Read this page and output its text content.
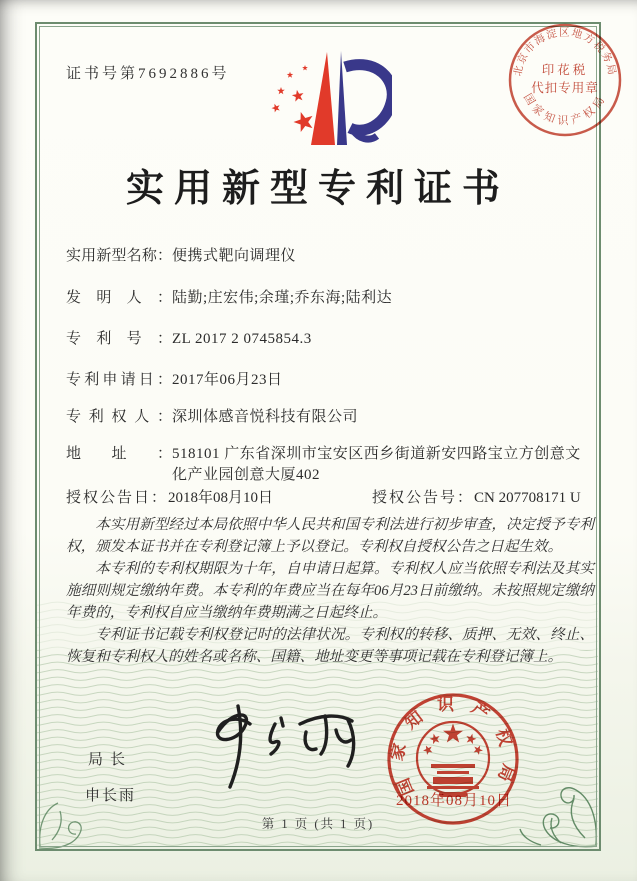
证书号第7692886号	北京市海淀区地方税务局
国家知识产权局
印花税
代扣专用章
实用新型专利证书
实用新型名称： 便携式靶向调理仪
发明人： 陆勤;庄宏伟;余瑾;乔东海;陆利达
专利号： ZL 2017 2 0745854.3
专利申请日： 2017年06月23日
专利权人： 深圳体感音悦科技有限公司
地址： 518101 广东省深圳市宝安区西乡街道新安四路宝立方创意文化产业园创意大厦402
授权公告日：2018年08月10日	授权公告号：CN 207708171 U

本实用新型经过本局依照中华人民共和国专利法进行初步审查，决定授予专利权，颁发本证书并在专利登记簿上予以登记。专利权自授权公告之日起生效。

本专利的专利权期限为十年，自申请日起算。专利权人应当依照专利法及其实施细则规定缴纳年费。本专利的年费应当在每年06月23日前缴纳。未按照规定缴纳年费的，专利权自应当缴纳年费期满之日起终止。

专利证书记载专利权登记时的法律状况。专利权的转移、质押、无效、终止、恢复和专利权人的姓名或名称、国籍、地址变更等事项记载在专利登记簿上。

局长
申长雨	国家知识产权局
2018年08月10日
第 1 页 (共 1 页)
